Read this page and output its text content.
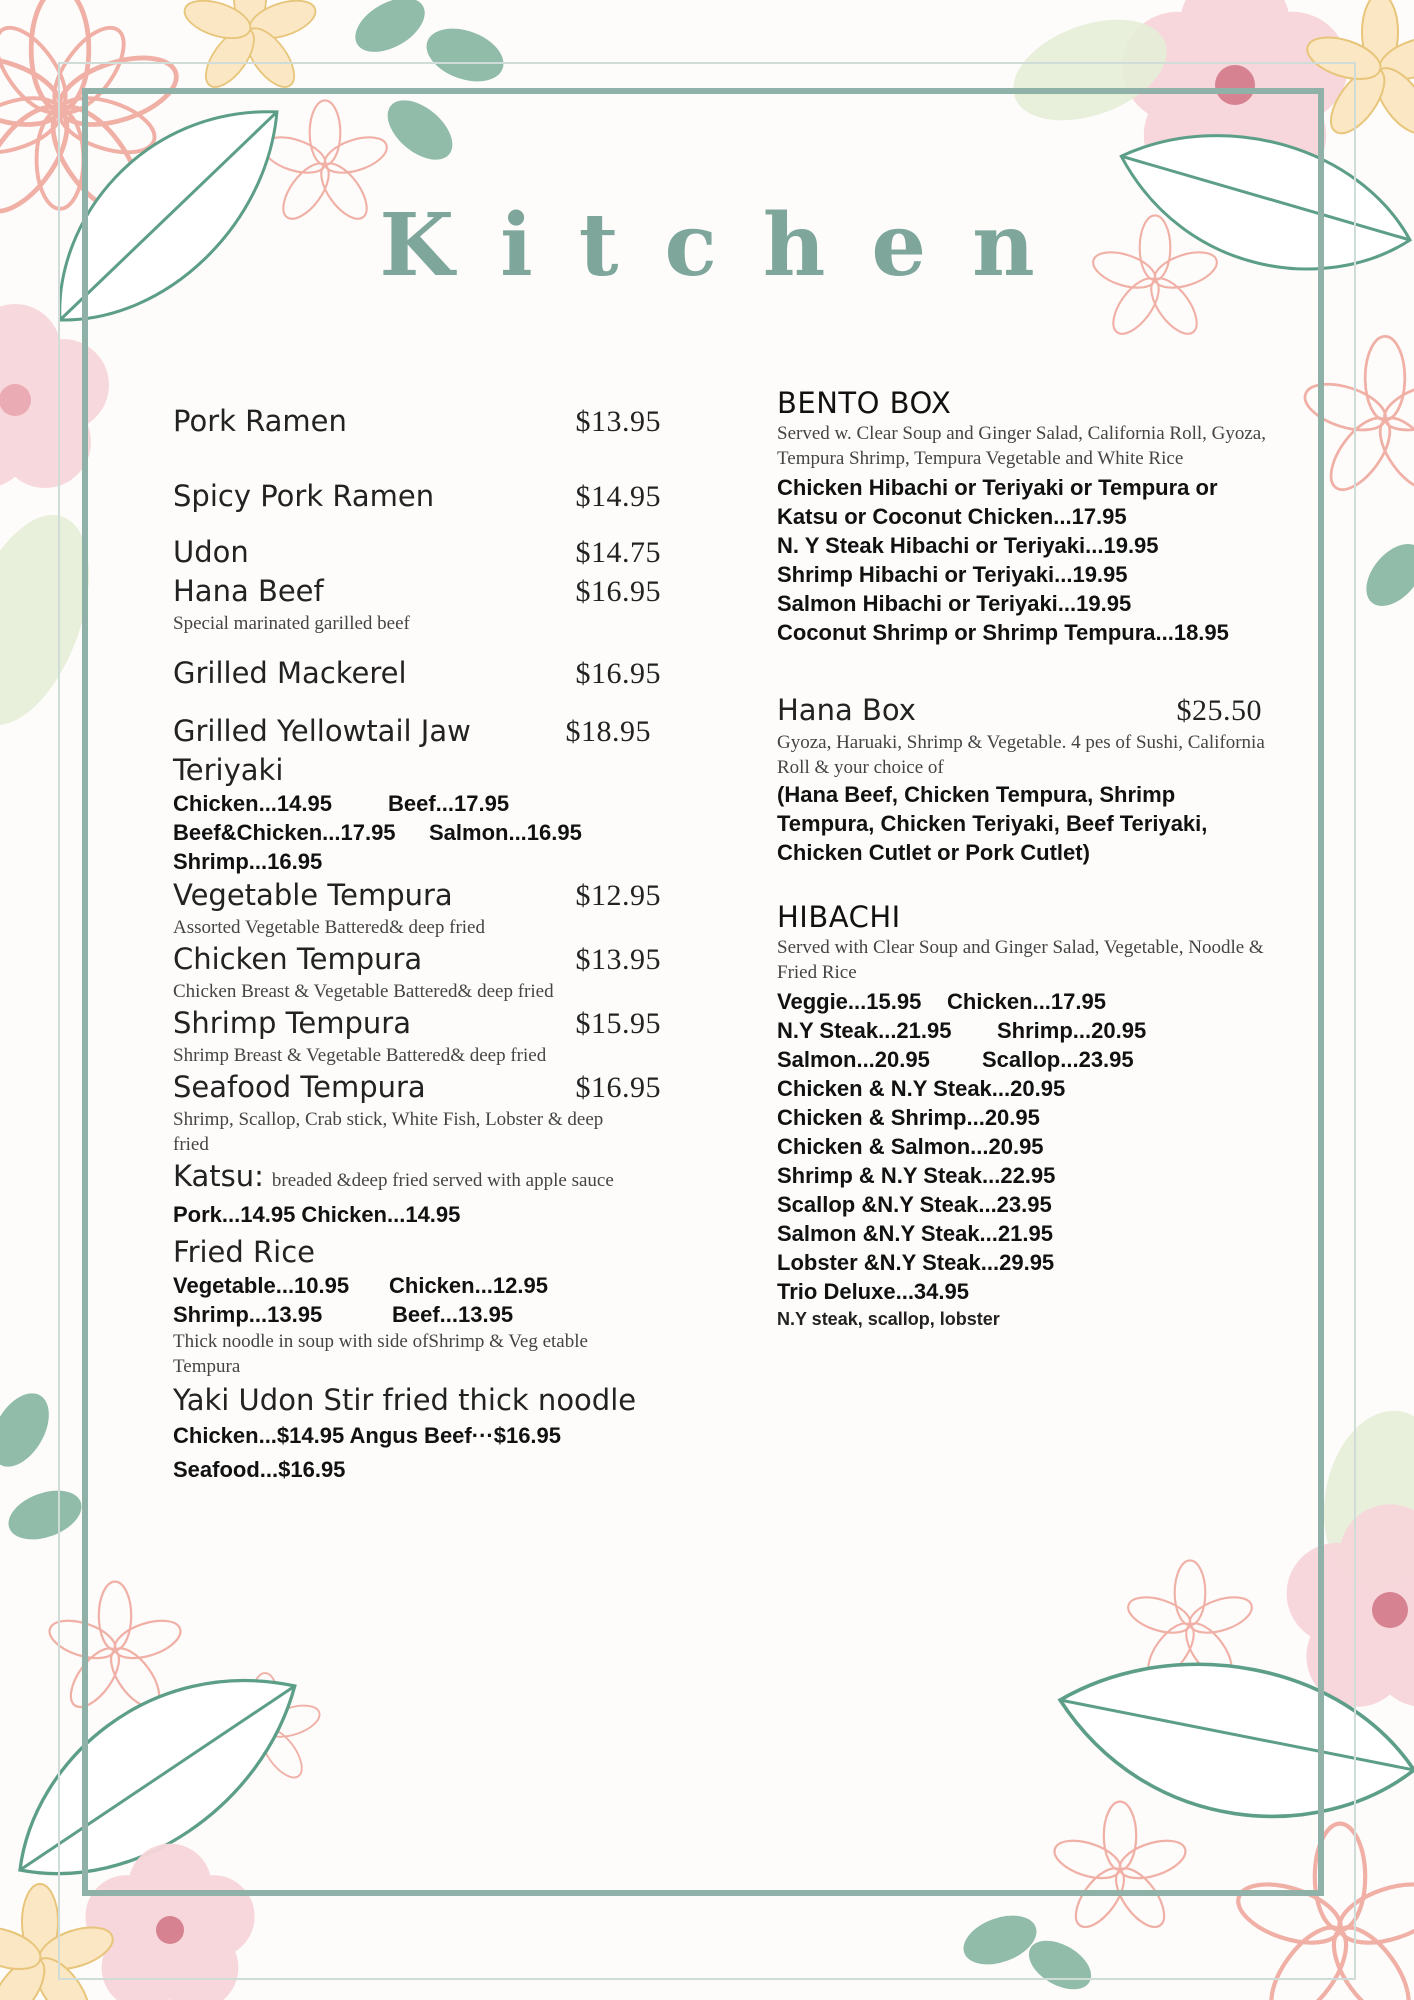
Kitchen
Pork Ramen	$13.95
Spicy Pork Ramen	$14.95
Udon	$14.75
Hana Beef	$16.95
Special marinated garilled beef
Grilled Mackerel	$16.95
Grilled Yellowtail Jaw	$18.95
Teriyaki
Chicken...14.95	Beef...17.95
Beef&Chicken...17.95 Salmon...16.95
Shrimp...16.95
Vegetable Tempura	$12.95
Assorted Vegetable Battered& deep fried
Chicken Tempura	$13.95
Chicken Breast & Vegetable Battered& deep fried
Shrimp Tempura	$15.95
Shrimp Breast & Vegetable Battered& deep fried
Seafood Tempura	$16.95
Shrimp, Scallop, Crab stick, White Fish, Lobster & deep fried
Katsu: breaded &deep fried served with apple sauce
Pork...14.95 Chicken...14.95
Fried Rice
Vegetable...10.95 Chicken...12.95
Shrimp...13.95	Beef...13.95
Thick noodle in soup with side ofShrimp & Veg etable Tempura
Yaki Udon Stir fried thick noodle
Chicken...$14.95 Angus Beef···$16.95
Seafood...$16.95
BENTO BOX
Served w. Clear Soup and Ginger Salad, California Roll, Gyoza, Tempura Shrimp, Tempura Vegetable and White Rice
Chicken Hibachi or Teriyaki or Tempura or Katsu or Coconut Chicken...17.95
N. Y Steak Hibachi or Teriyaki...19.95
Shrimp Hibachi or Teriyaki...19.95
Salmon Hibachi or Teriyaki...19.95
Coconut Shrimp or Shrimp Tempura...18.95
Hana Box	$25.50
Gyoza, Haruaki, Shrimp & Vegetable. 4 pes of Sushi, California Roll & your choice of
(Hana Beef, Chicken Tempura, Shrimp Tempura, Chicken Teriyaki, Beef Teriyaki, Chicken Cutlet or Pork Cutlet)
HIBACHI
Served with Clear Soup and Ginger Salad, Vegetable, Noodle & Fried Rice
Veggie...15.95 Chicken...17.95
N.Y Steak...21.95 Shrimp...20.95
Salmon...20.95 Scallop...23.95
Chicken & N.Y Steak...20.95
Chicken & Shrimp...20.95
Chicken & Salmon...20.95
Shrimp & N.Y Steak...22.95
Scallop &N.Y Steak...23.95
Salmon &N.Y Steak...21.95
Lobster &N.Y Steak...29.95
Trio Deluxe...34.95
N.Y steak, scallop, lobster
